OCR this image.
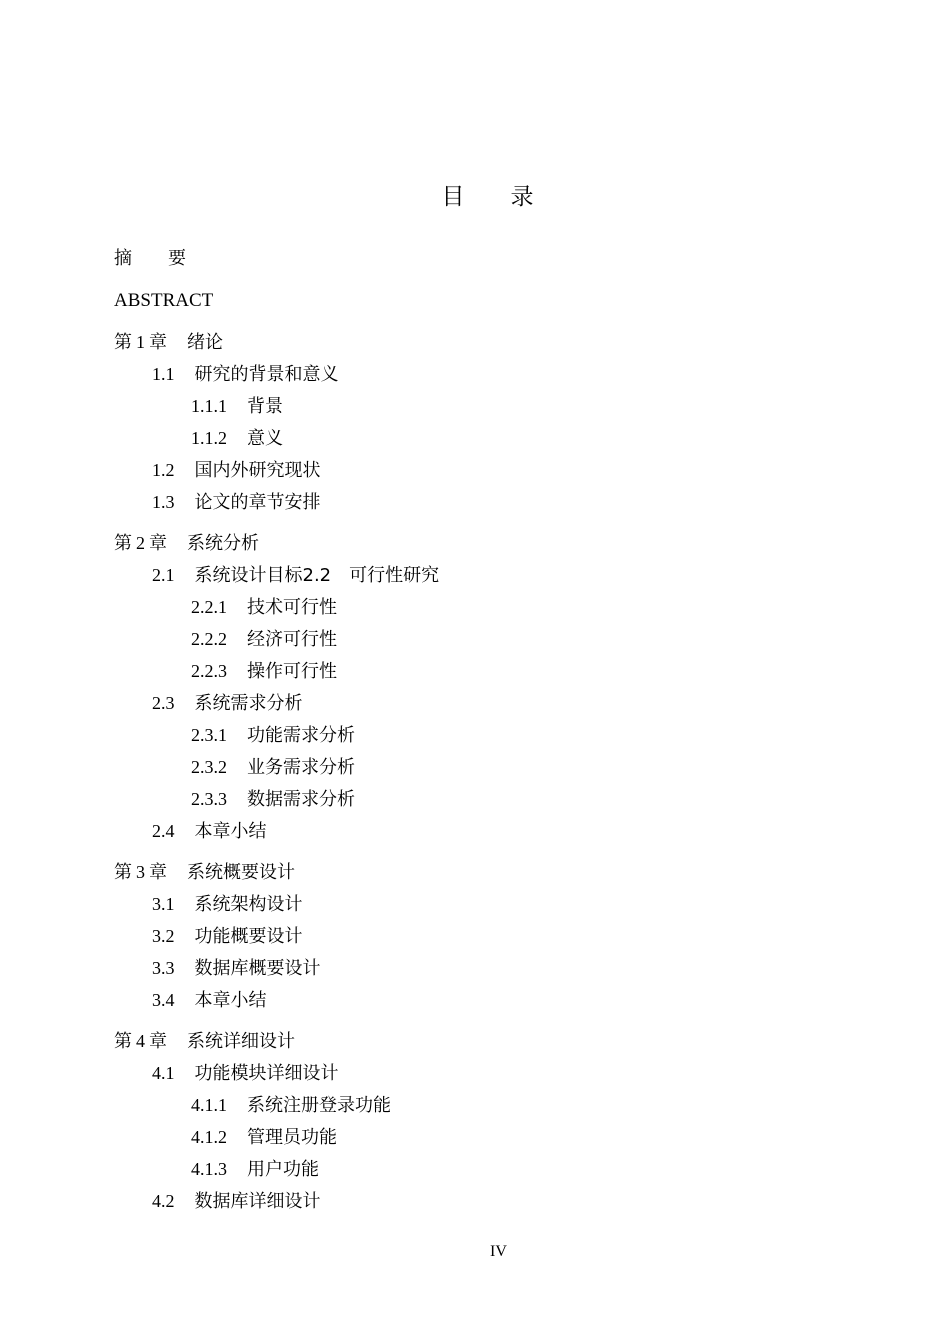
目　　录
摘　　要
ABSTRACT
第 1 章 绪论
1.1 研究的背景和意义
1.1.1 背景
1.1.2 意义
1.2 国内外研究现状
1.3 论文的章节安排
第 2 章 系统分析
2.1 系统设计目标2.2　可行性研究
2.2.1 技术可行性
2.2.2 经济可行性
2.2.3 操作可行性
2.3 系统需求分析
2.3.1 功能需求分析
2.3.2 业务需求分析
2.3.3 数据需求分析
2.4 本章小结
第 3 章 系统概要设计
3.1 系统架构设计
3.2 功能概要设计
3.3 数据库概要设计
3.4 本章小结
第 4 章 系统详细设计
4.1 功能模块详细设计
4.1.1 系统注册登录功能
4.1.2 管理员功能
4.1.3 用户功能
4.2 数据库详细设计
IV
